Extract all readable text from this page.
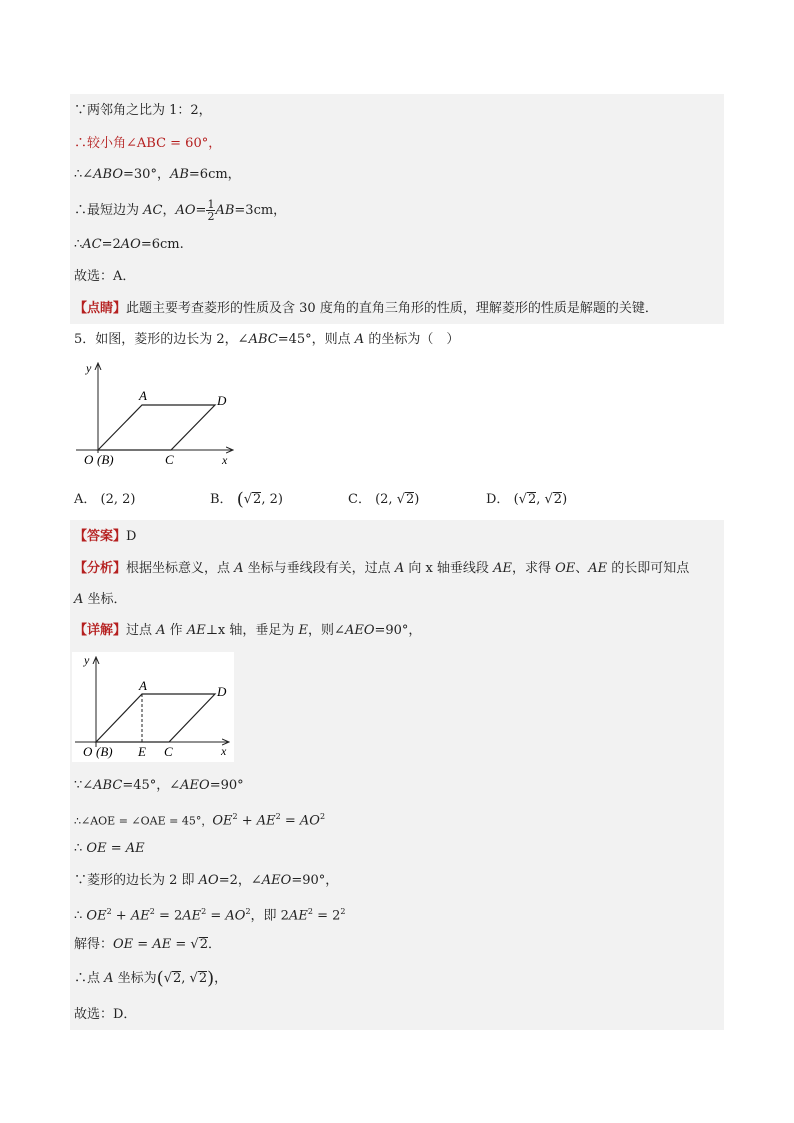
∵两邻角之比为 1：2，
∴较小角∠ABC = 60°，
∴∠ABO=30°，AB=6cm，
∴最短边为 AC，$AO= \frac{1}{2} AB=3cm$，
∴AC=2AO=6cm.
故选：A．
【点睛】此题主要考查菱形的性质及含 30 度角的直角三角形的性质，理解菱形的性质是解题的关键．
5．如图，菱形的边长为 2，∠ABC=45°，则点 A 的坐标为（　）
y
x
O (B)
A	D
C
A． (2, 2)	B． (√2, 2)	C． (2, √2)	D． (√2, √2)
【答案】D
【分析】根据坐标意义，点 A 坐标与垂线段有关，过点 A 向 x 轴垂线段 AE，求得 OE、AE 的长即可知点
A 坐标．
【详解】过点 A 作 AE⊥x 轴，垂足为 E，则∠AEO=90°，
y
x
O (B)
A	D
E C
∵∠ABC=45°，∠AEO=90°
∴∠AOE = ∠OAE = 45°，$OE^2 + AE^2 = AO^2$
∴ OE = AE
∵菱形的边长为 2 即 AO=2，∠AEO=90°，
∴ $OE^2 + AE^2 = 2AE^2 = AO^2$，即 $2AE^2 = 2^2$
解得：OE = AE = √2．
∴点 A 坐标为(√2, √2)，
故选：D．
